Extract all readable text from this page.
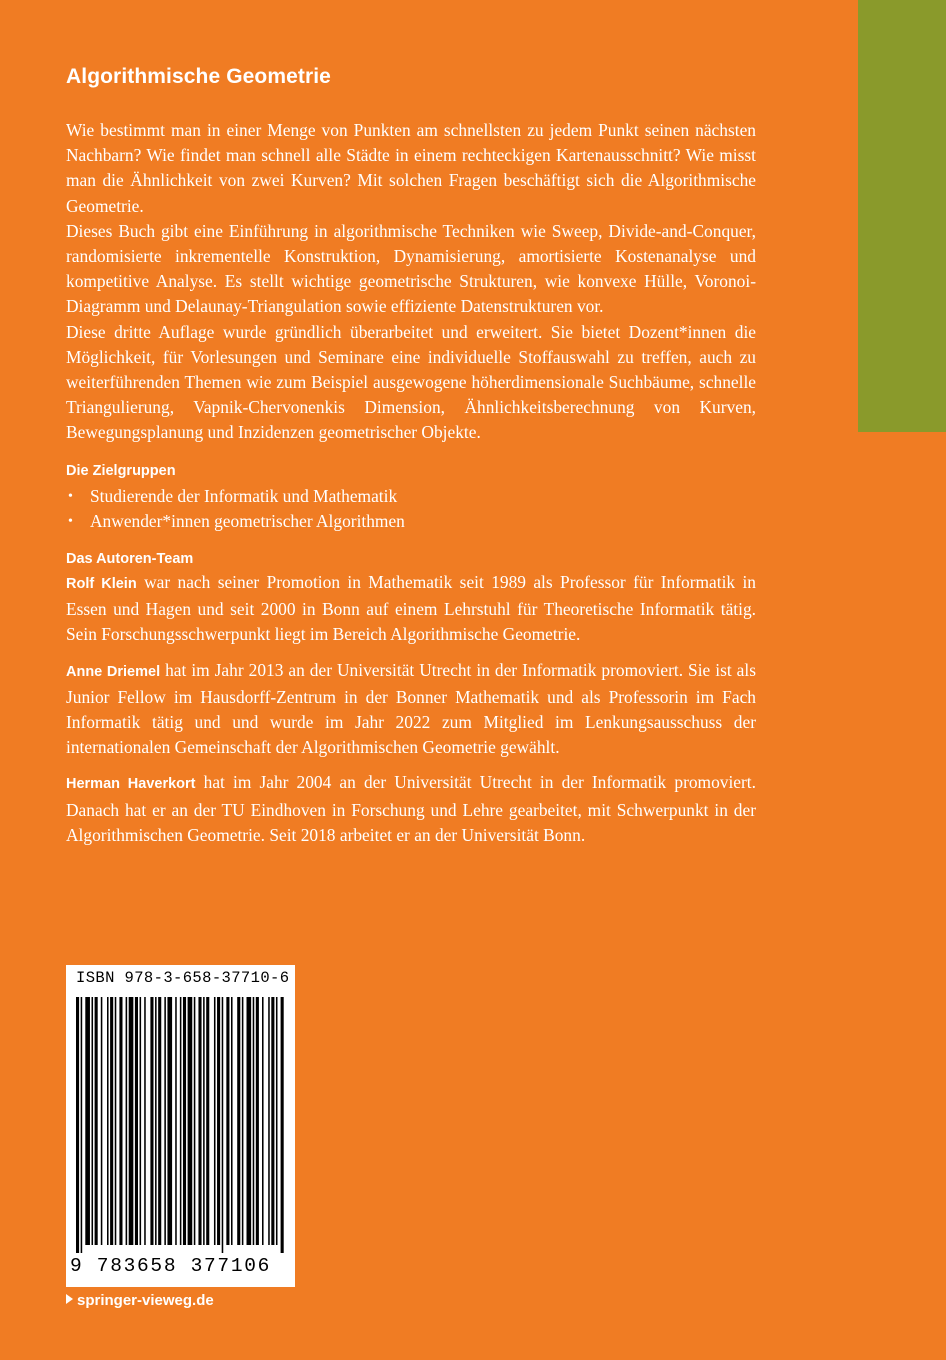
Algorithmische Geometrie

Wie bestimmt man in einer Menge von Punkten am schnellsten zu jedem Punkt seinen nächsten Nachbarn? Wie findet man schnell alle Städte in einem rechteckigen Kartenausschnitt? Wie misst man die Ähnlichkeit von zwei Kurven? Mit solchen Fragen beschäftigt sich die Algorithmische Geometrie.

Dieses Buch gibt eine Einführung in algorithmische Techniken wie Sweep, Divide-and-Conquer, randomisierte inkrementelle Konstruktion, Dynamisierung, amortisierte Kostenanalyse und kompetitive Analyse. Es stellt wichtige geometrische Strukturen, wie konvexe Hülle, Voronoi-Diagramm und Delaunay-Triangulation sowie effiziente Datenstrukturen vor.

Diese dritte Auflage wurde gründlich überarbeitet und erweitert. Sie bietet Dozent*innen die Möglichkeit, für Vorlesungen und Seminare eine individuelle Stoffauswahl zu treffen, auch zu weiterführenden Themen wie zum Beispiel ausgewogene höherdimensionale Suchbäume, schnelle Triangulierung, Vapnik-Chervonenkis Dimension, Ähnlichkeitsberechnung von Kurven, Bewegungsplanung und Inzidenzen geometrischer Objekte.

Die Zielgruppen
• Studierende der Informatik und Mathematik
• Anwender*innen geometrischer Algorithmen
Das Autoren-Team

Rolf Klein war nach seiner Promotion in Mathematik seit 1989 als Professor für Informatik in Essen und Hagen und seit 2000 in Bonn auf einem Lehrstuhl für Theoretische Informatik tätig. Sein Forschungsschwerpunkt liegt im Bereich Algorithmische Geometrie.

Anne Driemel hat im Jahr 2013 an der Universität Utrecht in der Informatik promoviert. Sie ist als Junior Fellow im Hausdorff-Zentrum in der Bonner Mathematik und als Professorin im Fach Informatik tätig und und wurde im Jahr 2022 zum Mitglied im Lenkungsausschuss der internationalen Gemeinschaft der Algorithmischen Geometrie gewählt.

Herman Haverkort hat im Jahr 2004 an der Universität Utrecht in der Informatik promoviert. Danach hat er an der TU Eindhoven in Forschung und Lehre gearbeitet, mit Schwerpunkt in der Algorithmischen Geometrie. Seit 2018 arbeitet er an der Universität Bonn.

ISBN 978-3-658-37710-6
9 783658 377106
springer-vieweg.de
